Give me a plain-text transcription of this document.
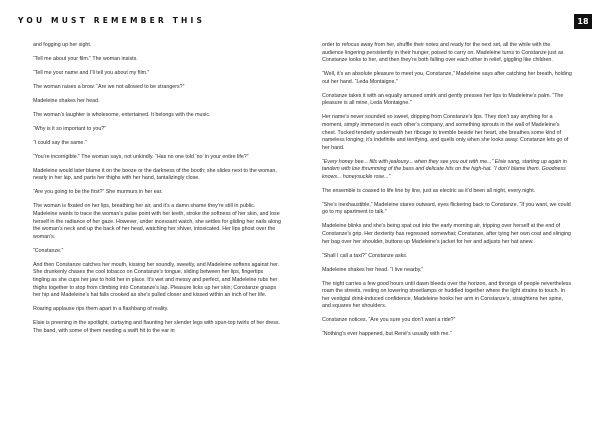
YOU MUST REMEMBER THIS	18

and fogging up her sight.

“Tell me about your film.” The woman insists.

“Tell me your name and I’ll tell you about my film.”

The woman raises a brow. “Are we not allowed to be strangers?”

Madeleine shakes her head.

The woman’s laughter is wholesome, entertained. It belongs with the music.

“Why is it so important to you?”

“I could say the same.”

“You’re incorrigible.” The woman says, not unkindly. “Has no one told ‘no’ in your entire life?”

Madeleine would later blame it on the booze or the darkness of the booth; she slides next to the woman, nearly in her lap, and parts her thighs with her hand, tantalizingly close.

“Are you going to be the first?” She murmurs in her ear.

The woman is fixated on her lips, breathing her air, and it’s a damn shame they’re still in public. Madeleine wants to trace the woman’s pulse point with her teeth, stroke the softness of her skin, and lose herself in the radiance of her gaze. However, under incessant watch, she settles for gliding her nails along the woman’s neck and up the back of her head, watching her shiver, intoxicated. Her lips ghost over the woman’s.

“Constanze.”

And then Constanze catches her mouth, kissing her soundly, sweetly, and Madeleine softens against her. She drunkenly chases the cool tobacco on Constanze’s tongue, sliding between her lips, fingertips tingling as she cups her jaw to hold her in place. It’s wet and messy and perfect, and Madeleine rubs her thighs together to stop from climbing into Constanze’s lap. Pleasure licks up her skin; Constanze grasps her hip and Madeleine’s hat falls crooked as she’s pulled closer and kissed within an inch of her life.

Roaring applause rips them apart in a flashbang of reality.

Elsie is preening in the spotlight, curtsying and flaunting her slender legs with spun-top twirls of her dress. The band, with some of them needing a swift hit to the ear in

order to refocus away from her, shuffle their notes and ready for the next set, all the while with the audience lingering persistently in their hunger, poised to carry on. Madeleine turns to Constanze just as Constanze looks to her, and then they’re both falling over each other in relief, giggling like children.

“Well, it’s an absolute pleasure to meet you, Constanze,” Madeleine says after catching her breath, holding out her hand. “Leda Montaigne.”

Constanze takes it with an equally amused smirk and gently presses her lips to Madeleine’s palm. “The pleasure is all mine, Leda Montaigne.”

Her name’s never sounded so sweet, dripping from Constanze’s lips. They don’t say anything for a moment, simply immersed in each other’s company, and something sprouts in the wall of Madeleine’s chest. Tucked tenderly underneath her ribcage to tremble beside her heart, she breathes some kind of nameless longing; it’s indefinite and terrifying, and quells only when she looks away. Constanze lets go of her hand.

“Every honey bee... fills with jealousy... when they see you out with me...” Elsie sang, starting up again in tandem with low thrumming of the bass and delicate hits on the high-hat. “I don’t blame them. Goodness knows... honeysuckle rose...”

The ensemble is coaxed to life line by line, just as electric as it’d been all night, every night.

“She’s inexhaustible,” Madeleine stares outward, eyes flickering back to Constanze. “If you want, we could go to my apartment to talk.”

Madeleine blinks and she’s being spat out into the early morning air, tripping over herself at the end of Constanze’s grip. Her dexterity has regressed somewhat; Constanze, after tying her own coat and slinging her bag over her shoulder, buttons up Madeleine’s jacket for her and adjusts her hat anew.

“Shall I call a taxi?” Constanze asks.

Madeleine shakes her head. “I live nearby.”

The night carries a few good hours until dawn bleeds over the horizon, and throngs of people nevertheless roam the streets, resting on towering streetlamps or huddled together where the light strains to touch. In her vestigial drink-induced confidence, Madeleine hooks her arm in Constanze’s, straightens her spine, and squares her shoulders.

Constanze notices. “Are you sure you don’t want a ride?”

“Nothing’s ever happened, but René’s usually with me.”
